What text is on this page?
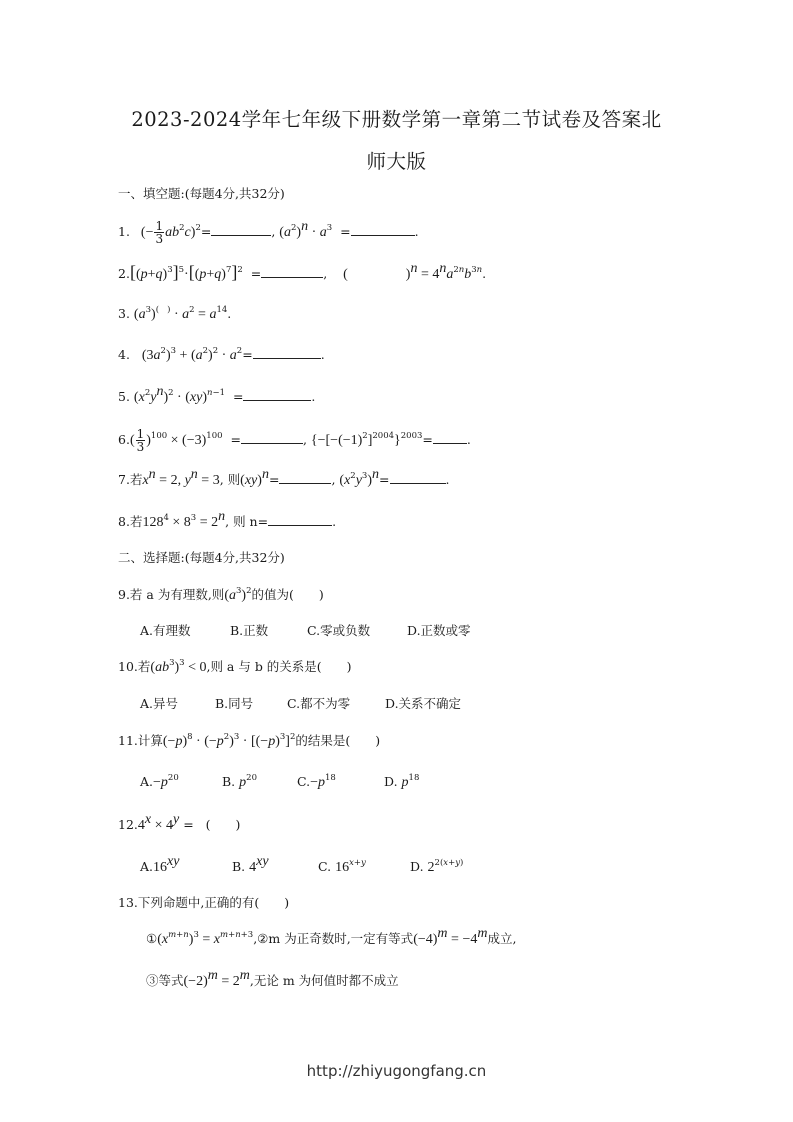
2023-2024学年七年级下册数学第一章第二节试卷及答案北
师大版
一、填空题:(每题4分,共32分)
1.   (− $\frac{1}{3} ab^2c)^2=$	, $(a^2)^n \cdot a^3$  =	.
$2.[(p+q)^3]^5\cdot[(p+q)^7]^2$  =	,    (	)$^n = 4^na^{2n}b^{3n}$.
3. $(a^3)^{( )} \cdot a^2 = a^{14}$.
4. $(3a^2)^3 + (a^2)^2 \cdot a^2=$	.
5. $(x^2y^n)^2 \cdot (xy)^{n-1}$  =	.
$6.( \frac{1}{3} )^{100} \times (-3)^{100}$  =	, $\{-[-(-1)^2]^{2004}\}^{2003}=$	.
7.若$x^n = 2$, $y^n = 3$, 则(xy)$^n$=	, $(x^2y^3)^n=$	.
8.若$128^4 \times 8^3 = 2^n$, 则 n=	.
二、选择题:(每题4分,共32分)
9.若 a 为有理数,则$(a^3)^2$的值为(　　)
A.有理数	B.正数	C.零或负数	D.正数或零
10.若$(ab^3)^3 < 0$,则 a 与 b 的关系是(　　)
A.异号	B.同号	C.都不为零	D.关系不确定
11.计算$(-p)^8 \cdot (-p^2)^3 \cdot [(-p)^3]^2$的结果是(　　)
$A.-p^{20}$	B. $p^{20}$	$C.-p^{18}$	D. $p^{18}$
$12.4^x \times 4^y$ =   (　　)
$A.16^{xy}$	B. $4^{xy}$	C. $16^{x+y}$	D. $2^{2(x+y)}$
13.下列命题中,正确的有(　　)
$①(x^{m+n})^3$ = $x^{m+n+3},②m$ 为正奇数时,一定有等式$(-4)^m = -4^m$成立,
③等式$(-2)^m = 2^m$,无论 m 为何值时都不成立
http://zhiyugongfang.cn
